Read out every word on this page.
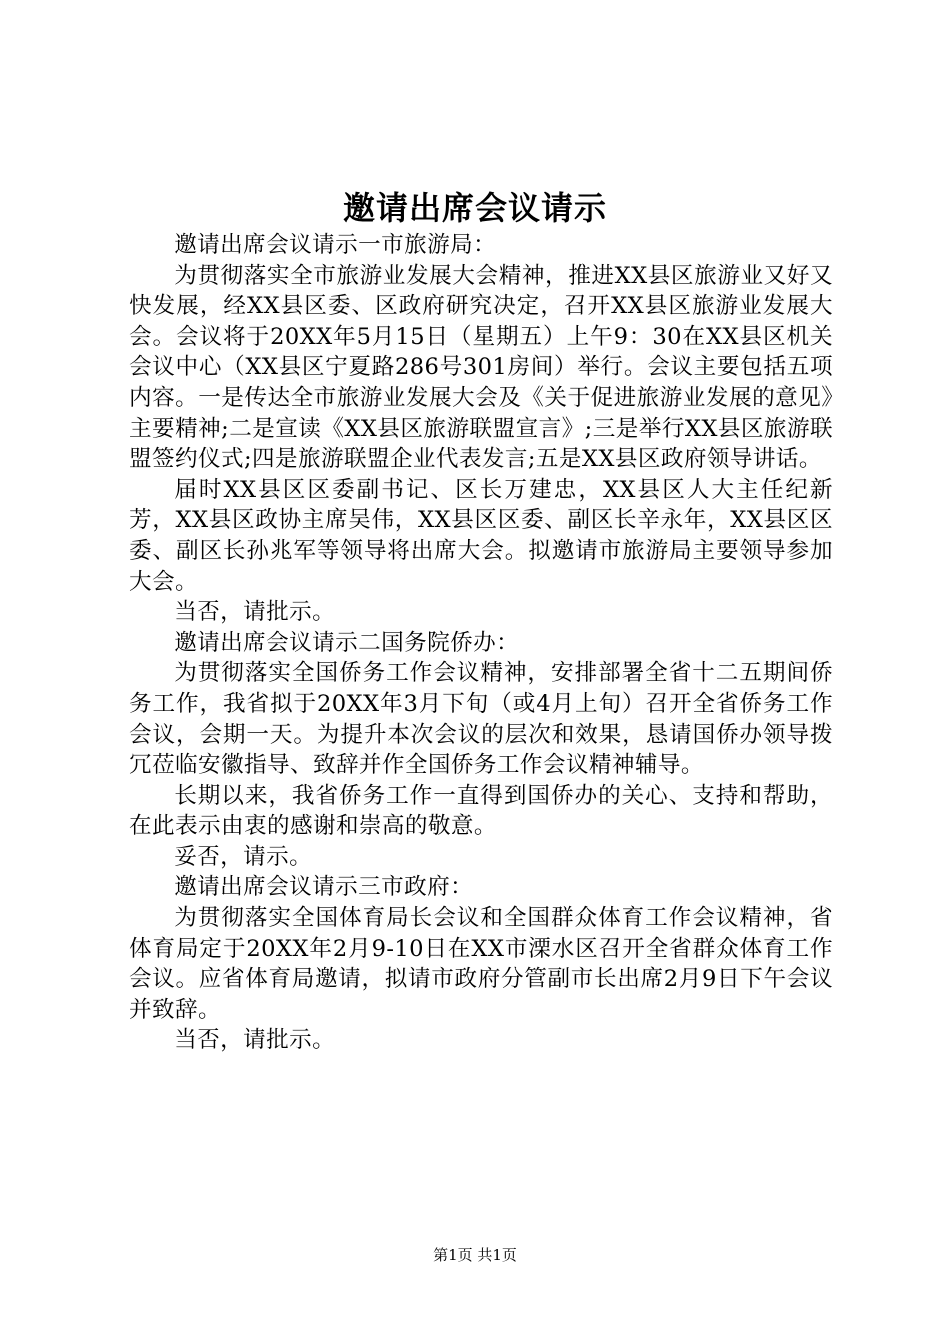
邀请出席会议请示

邀请出席会议请示一市旅游局：

为贯彻落实全市旅游业发展大会精神，推进XX县区旅游业又好又快发展，经XX县区委、区政府研究决定，召开XX县区旅游业发展大会。会议将于20XX年5月15日（星期五）上午9：30在XX县区机关会议中心（XX县区宁夏路286号301房间）举行。会议主要包括五项内容。一是传达全市旅游业发展大会及《关于促进旅游业发展的意见》主要精神;二是宣读《XX县区旅游联盟宣言》;三是举行XX县区旅游联盟签约仪式;四是旅游联盟企业代表发言;五是XX县区政府领导讲话。

届时XX县区区委副书记、区长万建忠，XX县区人大主任纪新芳，XX县区政协主席吴伟，XX县区区委、副区长辛永年，XX县区区委、副区长孙兆军等领导将出席大会。拟邀请市旅游局主要领导参加大会。

当否，请批示。

邀请出席会议请示二国务院侨办：

为贯彻落实全国侨务工作会议精神，安排部署全省十二五期间侨务工作，我省拟于20XX年3月下旬（或4月上旬）召开全省侨务工作会议，会期一天。为提升本次会议的层次和效果，恳请国侨办领导拨冗莅临安徽指导、致辞并作全国侨务工作会议精神辅导。

长期以来，我省侨务工作一直得到国侨办的关心、支持和帮助，在此表示由衷的感谢和崇高的敬意。

妥否，请示。

邀请出席会议请示三市政府：

为贯彻落实全国体育局长会议和全国群众体育工作会议精神，省体育局定于20XX年2月9-10日在XX市溧水区召开全省群众体育工作会议。应省体育局邀请，拟请市政府分管副市长出席2月9日下午会议并致辞。

当否，请批示。

第1页 共1页
